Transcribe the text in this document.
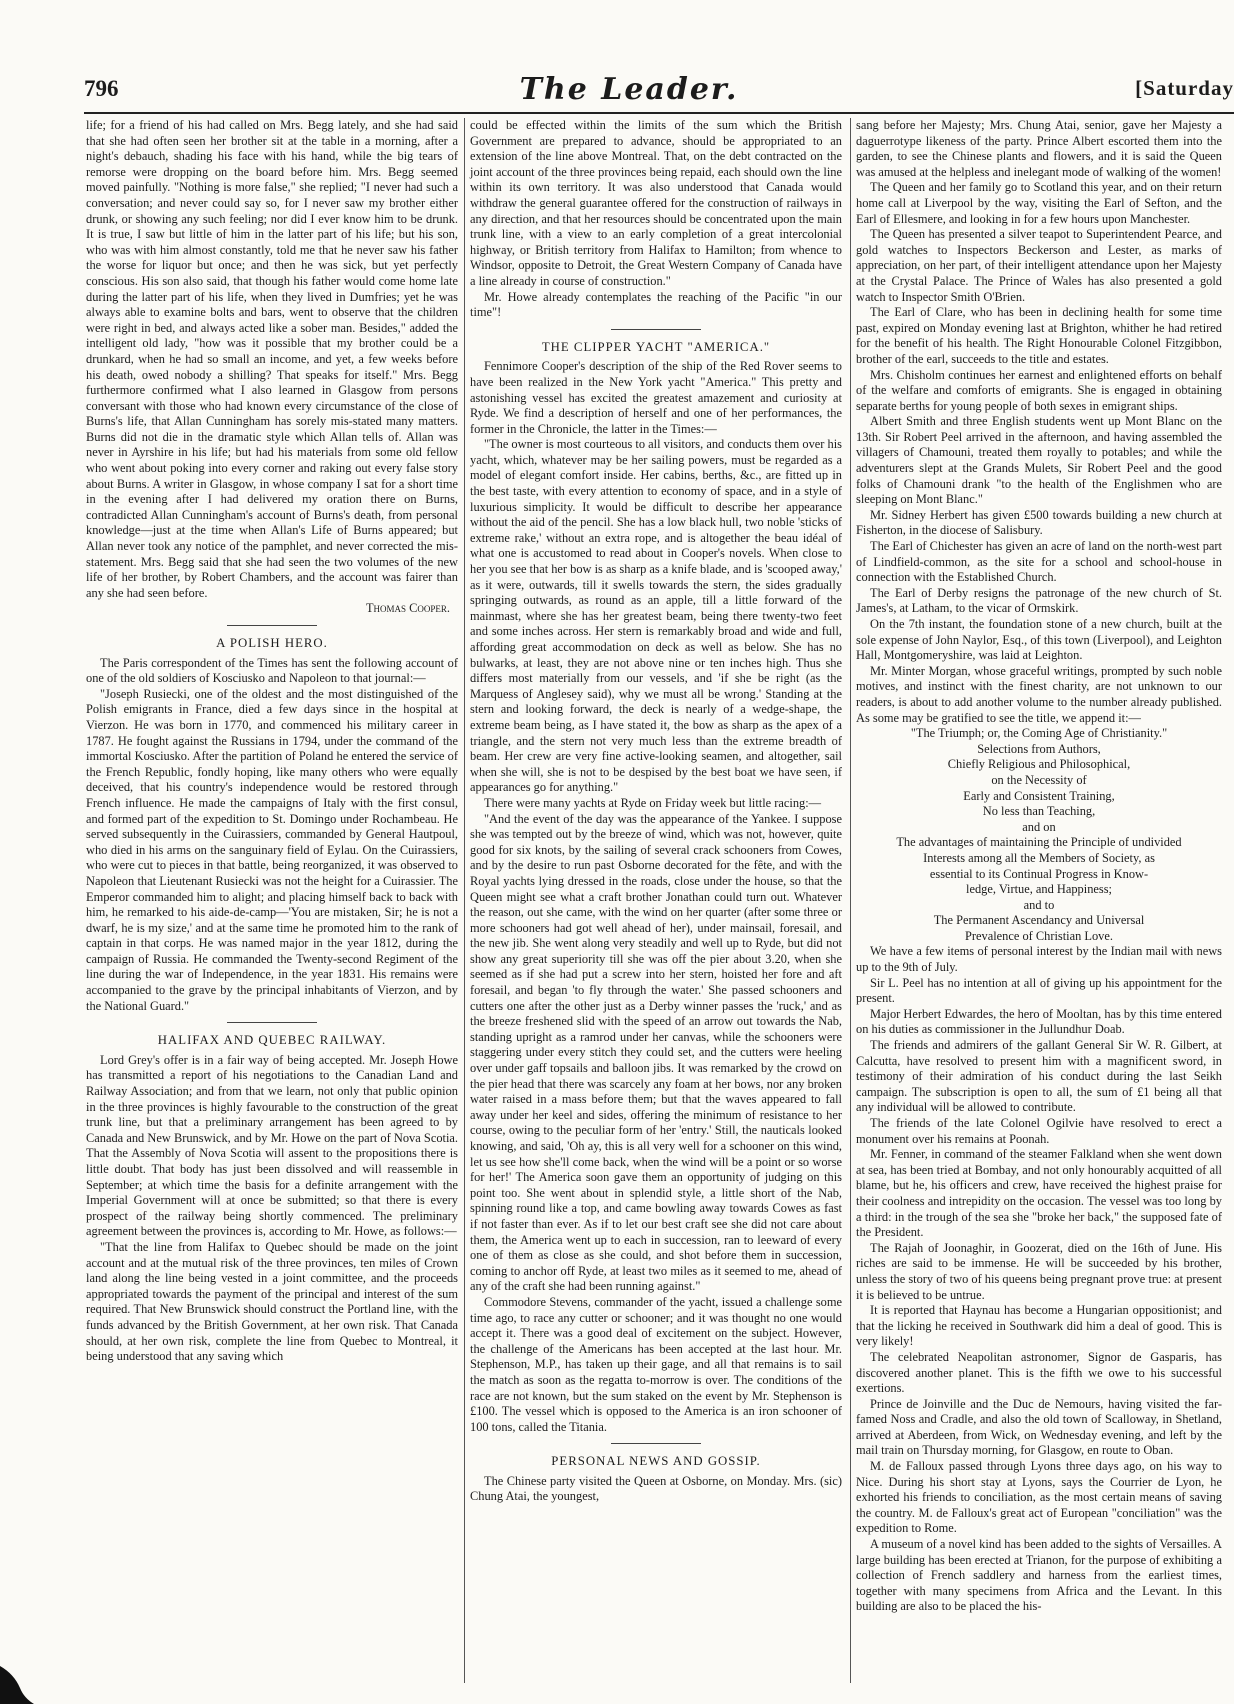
796	The Leader.	[Saturday

life; for a friend of his had called on Mrs. Begg lately, and she had said that she had often seen her brother sit at the table in a morning, after a night's debauch, shading his face with his hand, while the big tears of remorse were dropping on the board before him. Mrs. Begg seemed moved painfully. "Nothing is more false," she replied; "I never had such a conversation; and never could say so, for I never saw my brother either drunk, or showing any such feeling; nor did I ever know him to be drunk. It is true, I saw but little of him in the latter part of his life; but his son, who was with him almost constantly, told me that he never saw his father the worse for liquor but once; and then he was sick, but yet perfectly conscious. His son also said, that though his father would come home late during the latter part of his life, when they lived in Dumfries; yet he was always able to examine bolts and bars, went to observe that the children were right in bed, and always acted like a sober man. Besides," added the intelligent old lady, "how was it possible that my brother could be a drunkard, when he had so small an income, and yet, a few weeks before his death, owed nobody a shilling? That speaks for itself." Mrs. Begg furthermore confirmed what I also learned in Glasgow from persons conversant with those who had known every circumstance of the close of Burns's life, that Allan Cunningham has sorely mis-stated many matters. Burns did not die in the dramatic style which Allan tells of. Allan was never in Ayrshire in his life; but had his materials from some old fellow who went about poking into every corner and raking out every false story about Burns. A writer in Glasgow, in whose company I sat for a short time in the evening after I had delivered my oration there on Burns, contradicted Allan Cunningham's account of Burns's death, from personal knowledge—just at the time when Allan's Life of Burns appeared; but Allan never took any notice of the pamphlet, and never corrected the mis-statement. Mrs. Begg said that she had seen the two volumes of the new life of her brother, by Robert Chambers, and the account was fairer than any she had seen before.

Thomas Cooper.

A POLISH HERO.

The Paris correspondent of the Times has sent the following account of one of the old soldiers of Kosciusko and Napoleon to that journal:—

"Joseph Rusiecki, one of the oldest and the most distinguished of the Polish emigrants in France, died a few days since in the hospital at Vierzon. He was born in 1770, and commenced his military career in 1787. He fought against the Russians in 1794, under the command of the immortal Kosciusko. After the partition of Poland he entered the service of the French Republic, fondly hoping, like many others who were equally deceived, that his country's independence would be restored through French influence. He made the campaigns of Italy with the first consul, and formed part of the expedition to St. Domingo under Rochambeau. He served subsequently in the Cuirassiers, commanded by General Hautpoul, who died in his arms on the sanguinary field of Eylau. On the Cuirassiers, who were cut to pieces in that battle, being reorganized, it was observed to Napoleon that Lieutenant Rusiecki was not the height for a Cuirassier. The Emperor commanded him to alight; and placing himself back to back with him, he remarked to his aide-de-camp—'You are mistaken, Sir; he is not a dwarf, he is my size,' and at the same time he promoted him to the rank of captain in that corps. He was named major in the year 1812, during the campaign of Russia. He commanded the Twenty-second Regiment of the line during the war of Independence, in the year 1831. His remains were accompanied to the grave by the principal inhabitants of Vierzon, and by the National Guard."

HALIFAX AND QUEBEC RAILWAY.

Lord Grey's offer is in a fair way of being accepted. Mr. Joseph Howe has transmitted a report of his negotiations to the Canadian Land and Railway Association; and from that we learn, not only that public opinion in the three provinces is highly favourable to the construction of the great trunk line, but that a preliminary arrangement has been agreed to by Canada and New Brunswick, and by Mr. Howe on the part of Nova Scotia. That the Assembly of Nova Scotia will assent to the propositions there is little doubt. That body has just been dissolved and will reassemble in September; at which time the basis for a definite arrangement with the Imperial Government will at once be submitted; so that there is every prospect of the railway being shortly commenced. The preliminary agreement between the provinces is, according to Mr. Howe, as follows:—

"That the line from Halifax to Quebec should be made on the joint account and at the mutual risk of the three provinces, ten miles of Crown land along the line being vested in a joint committee, and the proceeds appropriated towards the payment of the principal and interest of the sum required. That New Brunswick should construct the Portland line, with the funds advanced by the British Government, at her own risk. That Canada should, at her own risk, complete the line from Quebec to Montreal, it being understood that any saving which

could be effected within the limits of the sum which the British Government are prepared to advance, should be appropriated to an extension of the line above Montreal. That, on the debt contracted on the joint account of the three provinces being repaid, each should own the line within its own territory. It was also understood that Canada would withdraw the general guarantee offered for the construction of railways in any direction, and that her resources should be concentrated upon the main trunk line, with a view to an early completion of a great intercolonial highway, or British territory from Halifax to Hamilton; from whence to Windsor, opposite to Detroit, the Great Western Company of Canada have a line already in course of construction."

Mr. Howe already contemplates the reaching of the Pacific "in our time"!

THE CLIPPER YACHT "AMERICA."

Fennimore Cooper's description of the ship of the Red Rover seems to have been realized in the New York yacht "America." This pretty and astonishing vessel has excited the greatest amazement and curiosity at Ryde. We find a description of herself and one of her performances, the former in the Chronicle, the latter in the Times:—

"The owner is most courteous to all visitors, and conducts them over his yacht, which, whatever may be her sailing powers, must be regarded as a model of elegant comfort inside. Her cabins, berths, &c., are fitted up in the best taste, with every attention to economy of space, and in a style of luxurious simplicity. It would be difficult to describe her appearance without the aid of the pencil. She has a low black hull, two noble 'sticks of extreme rake,' without an extra rope, and is altogether the beau idéal of what one is accustomed to read about in Cooper's novels. When close to her you see that her bow is as sharp as a knife blade, and is 'scooped away,' as it were, outwards, till it swells towards the stern, the sides gradually springing outwards, as round as an apple, till a little forward of the mainmast, where she has her greatest beam, being there twenty-two feet and some inches across. Her stern is remarkably broad and wide and full, affording great accommodation on deck as well as below. She has no bulwarks, at least, they are not above nine or ten inches high. Thus she differs most materially from our vessels, and 'if she be right (as the Marquess of Anglesey said), why we must all be wrong.' Standing at the stern and looking forward, the deck is nearly of a wedge-shape, the extreme beam being, as I have stated it, the bow as sharp as the apex of a triangle, and the stern not very much less than the extreme breadth of beam. Her crew are very fine active-looking seamen, and altogether, sail when she will, she is not to be despised by the best boat we have seen, if appearances go for anything."

There were many yachts at Ryde on Friday week but little racing:—

"And the event of the day was the appearance of the Yankee. I suppose she was tempted out by the breeze of wind, which was not, however, quite good for six knots, by the sailing of several crack schooners from Cowes, and by the desire to run past Osborne decorated for the fête, and with the Royal yachts lying dressed in the roads, close under the house, so that the Queen might see what a craft brother Jonathan could turn out. Whatever the reason, out she came, with the wind on her quarter (after some three or more schooners had got well ahead of her), under mainsail, foresail, and the new jib. She went along very steadily and well up to Ryde, but did not show any great superiority till she was off the pier about 3.20, when she seemed as if she had put a screw into her stern, hoisted her fore and aft foresail, and began 'to fly through the water.' She passed schooners and cutters one after the other just as a Derby winner passes the 'ruck,' and as the breeze freshened slid with the speed of an arrow out towards the Nab, standing upright as a ramrod under her canvas, while the schooners were staggering under every stitch they could set, and the cutters were heeling over under gaff topsails and balloon jibs. It was remarked by the crowd on the pier head that there was scarcely any foam at her bows, nor any broken water raised in a mass before them; but that the waves appeared to fall away under her keel and sides, offering the minimum of resistance to her course, owing to the peculiar form of her 'entry.' Still, the nauticals looked knowing, and said, 'Oh ay, this is all very well for a schooner on this wind, let us see how she'll come back, when the wind will be a point or so worse for her!' The America soon gave them an opportunity of judging on this point too. She went about in splendid style, a little short of the Nab, spinning round like a top, and came bowling away towards Cowes as fast if not faster than ever. As if to let our best craft see she did not care about them, the America went up to each in succession, ran to leeward of every one of them as close as she could, and shot before them in succession, coming to anchor off Ryde, at least two miles as it seemed to me, ahead of any of the craft she had been running against."

Commodore Stevens, commander of the yacht, issued a challenge some time ago, to race any cutter or schooner; and it was thought no one would accept it. There was a good deal of excitement on the subject. However, the challenge of the Americans has been accepted at the last hour. Mr. Stephenson, M.P., has taken up their gage, and all that remains is to sail the match as soon as the regatta to-morrow is over. The conditions of the race are not known, but the sum staked on the event by Mr. Stephenson is £100. The vessel which is opposed to the America is an iron schooner of 100 tons, called the Titania.

PERSONAL NEWS AND GOSSIP.

The Chinese party visited the Queen at Osborne, on Monday. Mrs. (sic) Chung Atai, the youngest,

sang before her Majesty; Mrs. Chung Atai, senior, gave her Majesty a daguerrotype likeness of the party. Prince Albert escorted them into the garden, to see the Chinese plants and flowers, and it is said the Queen was amused at the helpless and inelegant mode of walking of the women!

The Queen and her family go to Scotland this year, and on their return home call at Liverpool by the way, visiting the Earl of Sefton, and the Earl of Ellesmere, and looking in for a few hours upon Manchester.

The Queen has presented a silver teapot to Superintendent Pearce, and gold watches to Inspectors Beckerson and Lester, as marks of appreciation, on her part, of their intelligent attendance upon her Majesty at the Crystal Palace. The Prince of Wales has also presented a gold watch to Inspector Smith O'Brien.

The Earl of Clare, who has been in declining health for some time past, expired on Monday evening last at Brighton, whither he had retired for the benefit of his health. The Right Honourable Colonel Fitzgibbon, brother of the earl, succeeds to the title and estates.

Mrs. Chisholm continues her earnest and enlightened efforts on behalf of the welfare and comforts of emigrants. She is engaged in obtaining separate berths for young people of both sexes in emigrant ships.

Albert Smith and three English students went up Mont Blanc on the 13th. Sir Robert Peel arrived in the afternoon, and having assembled the villagers of Chamouni, treated them royally to potables; and while the adventurers slept at the Grands Mulets, Sir Robert Peel and the good folks of Chamouni drank "to the health of the Englishmen who are sleeping on Mont Blanc."

Mr. Sidney Herbert has given £500 towards building a new church at Fisherton, in the diocese of Salisbury.

The Earl of Chichester has given an acre of land on the north-west part of Lindfield-common, as the site for a school and school-house in connection with the Established Church.

The Earl of Derby resigns the patronage of the new church of St. James's, at Latham, to the vicar of Ormskirk.

On the 7th instant, the foundation stone of a new church, built at the sole expense of John Naylor, Esq., of this town (Liverpool), and Leighton Hall, Montgomeryshire, was laid at Leighton.

Mr. Minter Morgan, whose graceful writings, prompted by such noble motives, and instinct with the finest charity, are not unknown to our readers, is about to add another volume to the number already published. As some may be gratified to see the title, we append it:—

"The Triumph; or, the Coming Age of Christianity."

Selections from Authors,

Chiefly Religious and Philosophical,

on the Necessity of

Early and Consistent Training,

No less than Teaching,

and on

The advantages of maintaining the Principle of undivided

Interests among all the Members of Society, as

essential to its Continual Progress in Know-

ledge, Virtue, and Happiness;

and to

The Permanent Ascendancy and Universal

Prevalence of Christian Love.

We have a few items of personal interest by the Indian mail with news up to the 9th of July.

Sir L. Peel has no intention at all of giving up his appointment for the present.

Major Herbert Edwardes, the hero of Mooltan, has by this time entered on his duties as commissioner in the Jullundhur Doab.

The friends and admirers of the gallant General Sir W. R. Gilbert, at Calcutta, have resolved to present him with a magnificent sword, in testimony of their admiration of his conduct during the last Seikh campaign. The subscription is open to all, the sum of £1 being all that any individual will be allowed to contribute.

The friends of the late Colonel Ogilvie have resolved to erect a monument over his remains at Poonah.

Mr. Fenner, in command of the steamer Falkland when she went down at sea, has been tried at Bombay, and not only honourably acquitted of all blame, but he, his officers and crew, have received the highest praise for their coolness and intrepidity on the occasion. The vessel was too long by a third: in the trough of the sea she "broke her back," the supposed fate of the President.

The Rajah of Joonaghir, in Goozerat, died on the 16th of June. His riches are said to be immense. He will be succeeded by his brother, unless the story of two of his queens being pregnant prove true: at present it is believed to be untrue.

It is reported that Haynau has become a Hungarian oppositionist; and that the licking he received in Southwark did him a deal of good. This is very likely!

The celebrated Neapolitan astronomer, Signor de Gasparis, has discovered another planet. This is the fifth we owe to his successful exertions.

Prince de Joinville and the Duc de Nemours, having visited the far-famed Noss and Cradle, and also the old town of Scalloway, in Shetland, arrived at Aberdeen, from Wick, on Wednesday evening, and left by the mail train on Thursday morning, for Glasgow, en route to Oban.

M. de Falloux passed through Lyons three days ago, on his way to Nice. During his short stay at Lyons, says the Courrier de Lyon, he exhorted his friends to conciliation, as the most certain means of saving the country. M. de Falloux's great act of European "conciliation" was the expedition to Rome.

A museum of a novel kind has been added to the sights of Versailles. A large building has been erected at Trianon, for the purpose of exhibiting a collection of French saddlery and harness from the earliest times, together with many specimens from Africa and the Levant. In this building are also to be placed the his-
